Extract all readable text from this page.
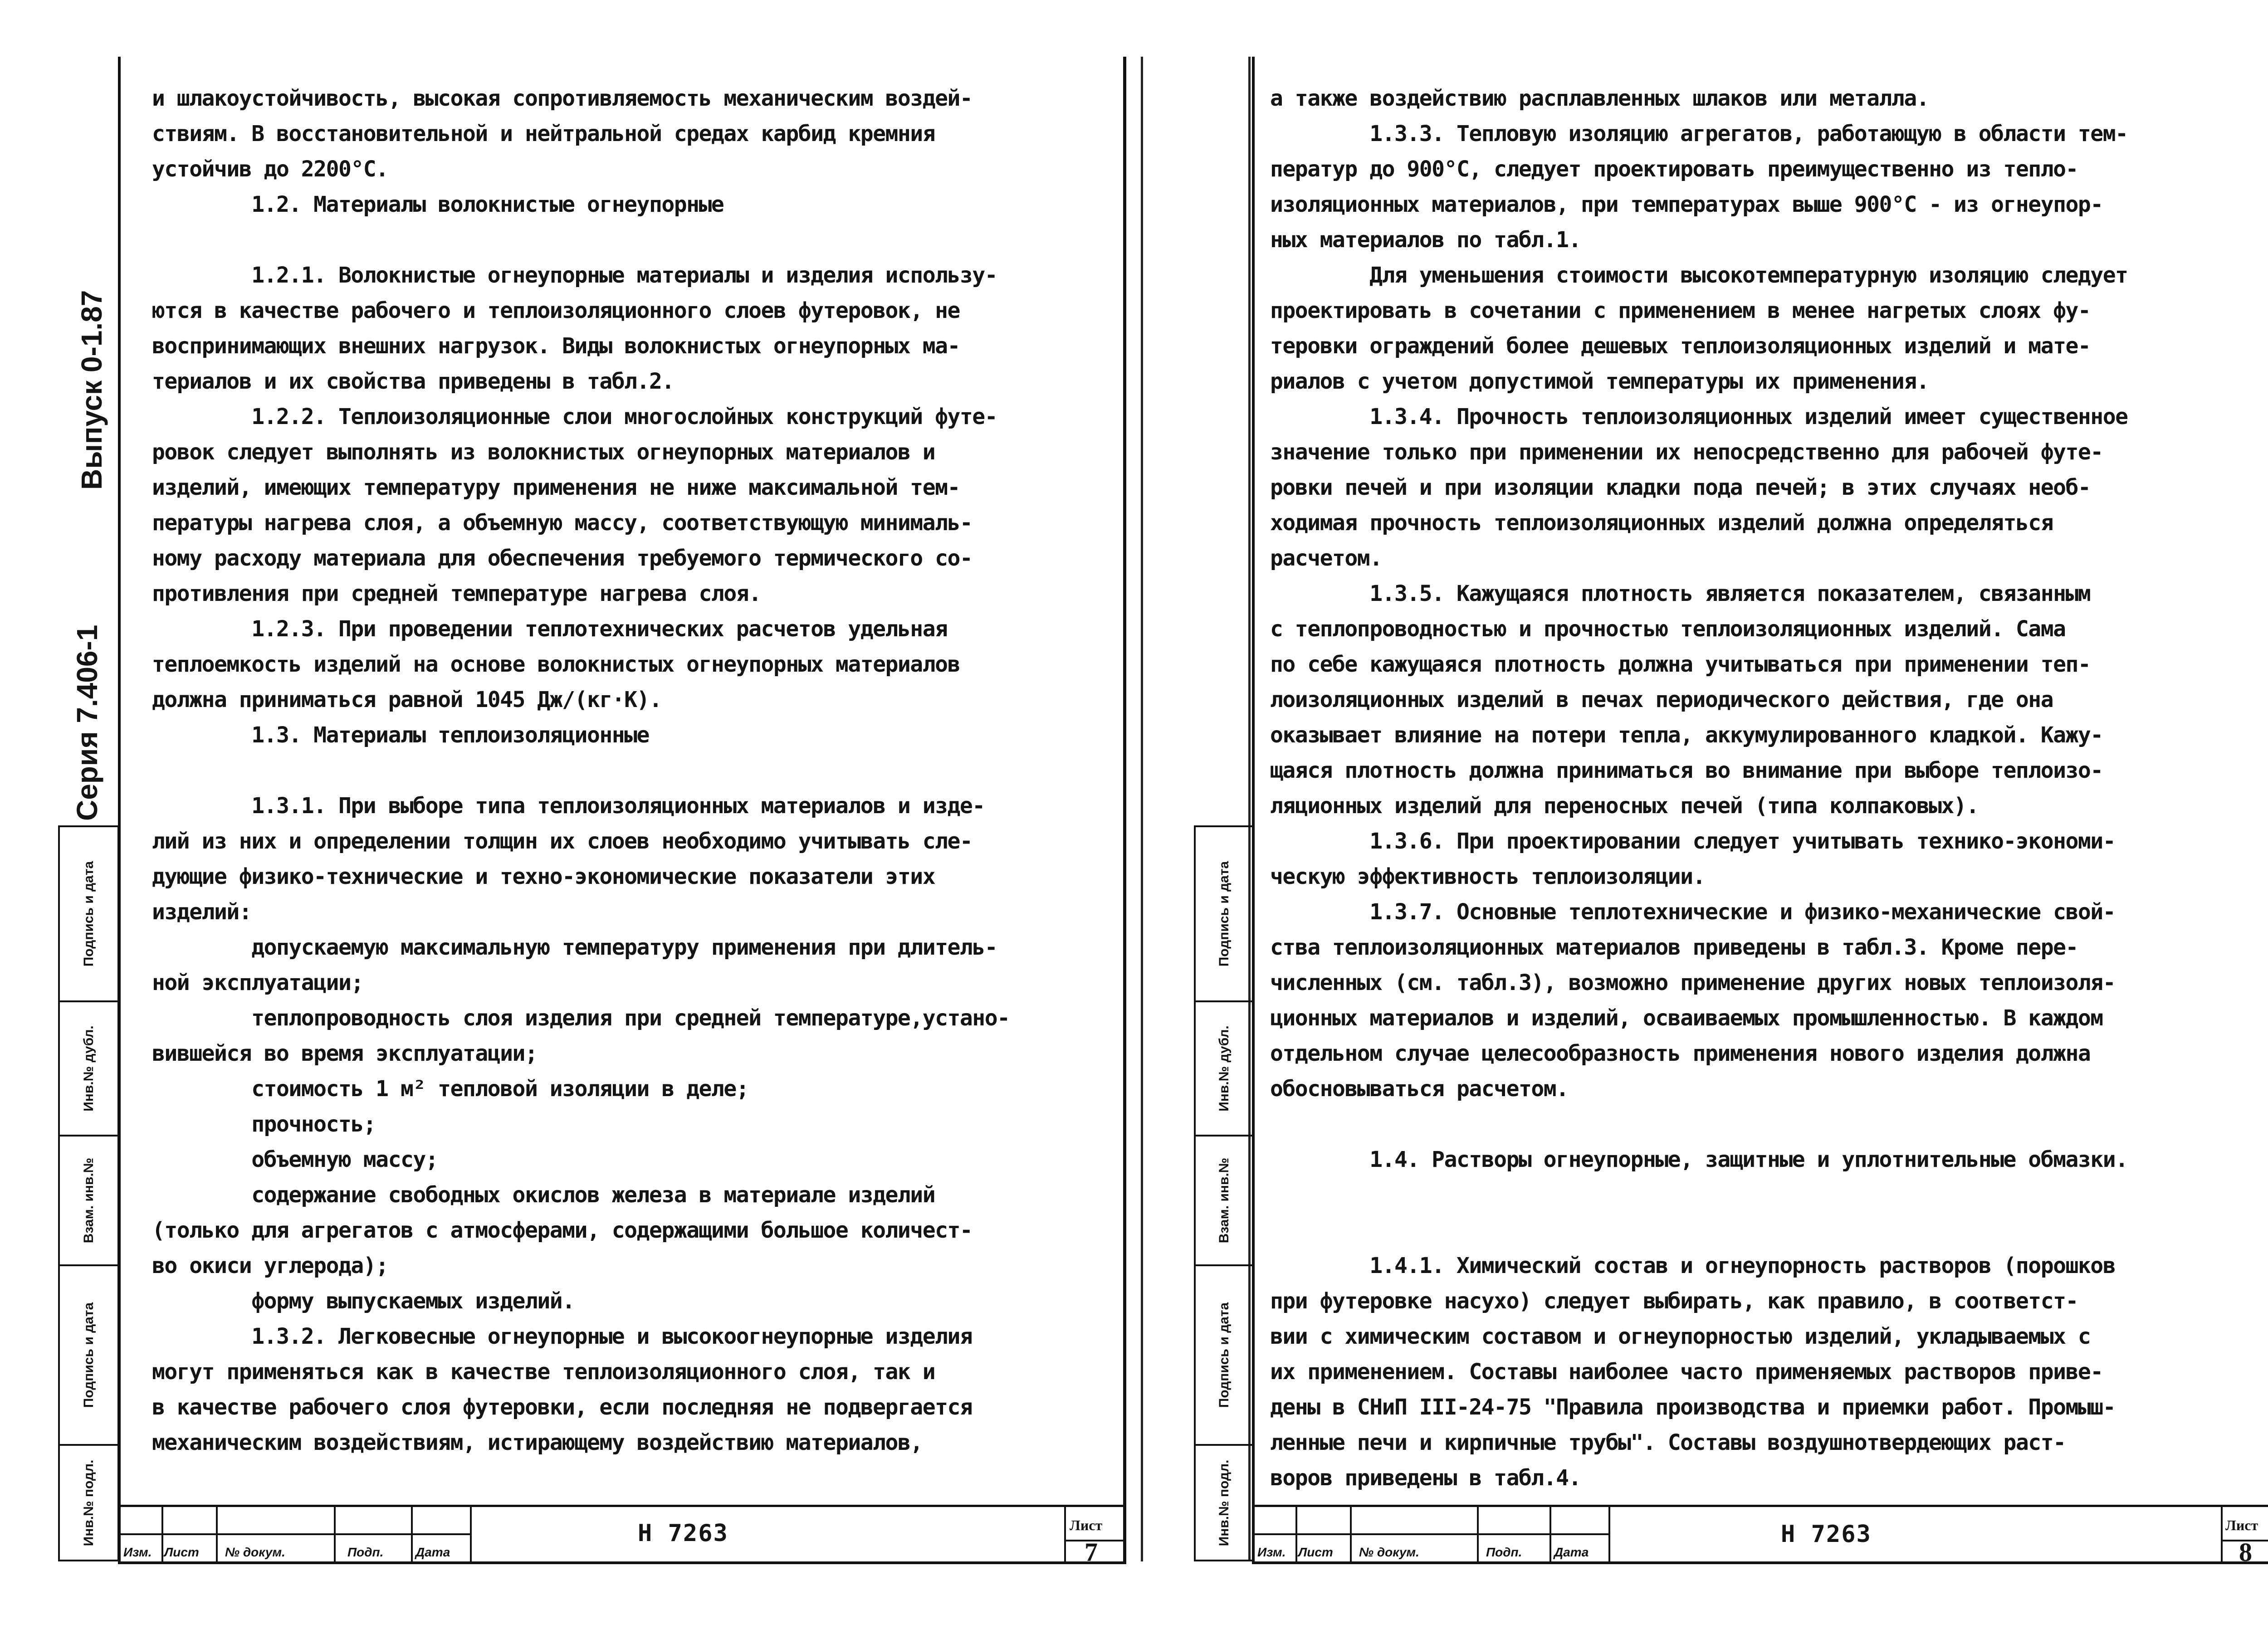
Выпуск 0-1.87
Серия 7.406-1
Подпись и дата
Инв.№ дубл.
Взам. инв.№
Подпись и дата
Инв.№ подл.
и шлакоустойчивость, высокая сопротивляемость механическим воздей-
ствиям. В восстановительной и нейтральной средах карбид кремния
устойчив до 2200°C.
1.2. Материалы волокнистые огнеупорные
1.2.1. Волокнистые огнеупорные материалы и изделия использу-
ются в качестве рабочего и теплоизоляционного слоев футеровок, не
воспринимающих внешних нагрузок. Виды волокнистых огнеупорных ма-
териалов и их свойства приведены в табл.2.
1.2.2. Теплоизоляционные слои многослойных конструкций футе-
ровок следует выполнять из волокнистых огнеупорных материалов и
изделий, имеющих температуру применения не ниже максимальной тем-
пературы нагрева слоя, а объемную массу, соответствующую минималь-
ному расходу материала для обеспечения требуемого термического со-
противления при средней температуре нагрева слоя.
1.2.3. При проведении теплотехнических расчетов удельная
теплоемкость изделий на основе волокнистых огнеупорных материалов
должна приниматься равной 1045 Дж/(кг·К).
1.3. Материалы теплоизоляционные
1.3.1. При выборе типа теплоизоляционных материалов и изде-
лий из них и определении толщин их слоев необходимо учитывать сле-
дующие физико-технические и техно-экономические показатели этих
изделий:
допускаемую максимальную температуру применения при длитель-
ной эксплуатации;
теплопроводность слоя изделия при средней температуре,устано-
вившейся во время эксплуатации;
стоимость 1 м² тепловой изоляции в деле;
прочность;
объемную массу;
содержание свободных окислов железа в материале изделий
(только для агрегатов с атмосферами, содержащими большое количест-
во окиси углерода);
форму выпускаемых изделий.
1.3.2. Легковесные огнеупорные и высокоогнеупорные изделия
могут применяться как в качестве теплоизоляционного слоя, так и
в качестве рабочего слоя футеровки, если последняя не подвергается
механическим воздействиям, истирающему воздействию материалов,
Изм. Лист № докум.	Подп.	Дата
Н 7263	Лист
7
Подпись и дата
Инв.№ дубл.
Взам. инв.№
Подпись и дата
Инв.№ подл.
а также воздействию расплавленных шлаков или металла.
1.3.3. Тепловую изоляцию агрегатов, работающую в области тем-
ператур до 900°C, следует проектировать преимущественно из тепло-
изоляционных материалов, при температурах выше 900°C - из огнеупор-
ных материалов по табл.1.
Для уменьшения стоимости высокотемпературную изоляцию следует
проектировать в сочетании с применением в менее нагретых слоях фу-
теровки ограждений более дешевых теплоизоляционных изделий и мате-
риалов с учетом допустимой температуры их применения.
1.3.4. Прочность теплоизоляционных изделий имеет существенное
значение только при применении их непосредственно для рабочей футе-
ровки печей и при изоляции кладки пода печей; в этих случаях необ-
ходимая прочность теплоизоляционных изделий должна определяться
расчетом.
1.3.5. Кажущаяся плотность является показателем, связанным
с теплопроводностью и прочностью теплоизоляционных изделий. Сама
по себе кажущаяся плотность должна учитываться при применении теп-
лоизоляционных изделий в печах периодического действия, где она
оказывает влияние на потери тепла, аккумулированного кладкой. Кажу-
щаяся плотность должна приниматься во внимание при выборе теплоизо-
ляционных изделий для переносных печей (типа колпаковых).
1.3.6. При проектировании следует учитывать технико-экономи-
ческую эффективность теплоизоляции.
1.3.7. Основные теплотехнические и физико-механические свой-
ства теплоизоляционных материалов приведены в табл.3. Кроме пере-
численных (см. табл.3), возможно применение других новых теплоизоля-
ционных материалов и изделий, осваиваемых промышленностью. В каждом
отдельном случае целесообразность применения нового изделия должна
обосновываться расчетом.
1.4. Растворы огнеупорные, защитные и уплотнительные обмазки.
1.4.1. Химический состав и огнеупорность растворов (порошков
при футеровке насухо) следует выбирать, как правило, в соответст-
вии с химическим составом и огнеупорностью изделий, укладываемых с
их применением. Составы наиболее часто применяемых растворов приве-
дены в СНиП III-24-75 "Правила производства и приемки работ. Промыш-
ленные печи и кирпичные трубы". Составы воздушнотвердеющих раст-
воров приведены в табл.4.
Изм. Лист № докум.	Подп.	Дата
Н 7263	Лист
8
